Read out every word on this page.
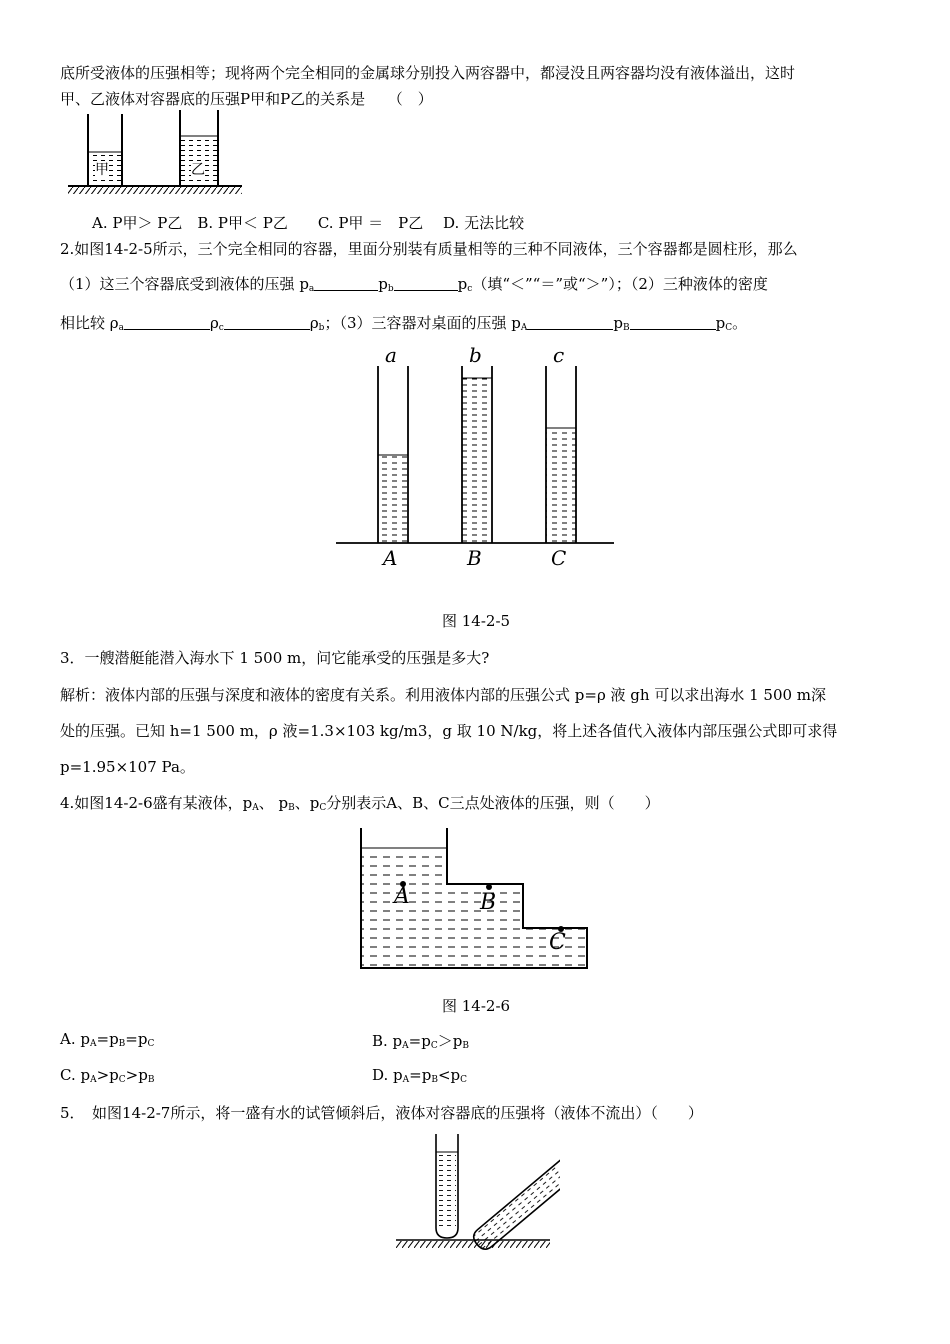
底所受液体的压强相等；现将两个完全相同的金属球分别投入两容器中，都浸没且两容器均没有液体溢出，这时
甲、乙液体对容器底的压强P甲和P乙的关系是　　（　）
甲	乙
A. P甲＞ P乙　B. P甲＜ P乙　　C. P甲 ＝　P乙　 D. 无法比较
2.如图14-2-5所示，三个完全相同的容器，里面分别装有质量相等的三种不同液体，三个容器都是圆柱形，那么
（1）这三个容器底受到液体的压强 $p_a$	$p_b$	$p_c$（填“＜”“＝”或“＞”）；（2）三种液体的密度
相比较 $\rho_a$	$\rho_c$	$\rho_b$；（3）三容器对桌面的压强 $p_A$	$p_B$	$p_C$。
a	b	c
A	B	C
图 14-2-5
3．一艘潜艇能潜入海水下 1 500 m，问它能承受的压强是多大?
解析：液体内部的压强与深度和液体的密度有关系。利用液体内部的压强公式 p=ρ 液 gh 可以求出海水 1 500 m深
处的压强。已知 h=1 500 m，ρ 液=1.3×103 kg/m3，g 取 10 N/kg，将上述各值代入液体内部压强公式即可求得
p=1.95×107 Pa。
4.如图14-2-6盛有某液体，$p_A$、 $p_B$、$p_C$分别表示A、B、C三点处液体的压强，则（　　）
A	B
C
图 14-2-6
A. $p_A=p_B=p_C$	B. $p_A=p_C>p_B$
C. $p_A>p_C>p_B$	D. $p_A=p_B<p_C$
5．　如图14-2-7所示，将一盛有水的试管倾斜后，液体对容器底的压强将（液体不流出）（　　）
